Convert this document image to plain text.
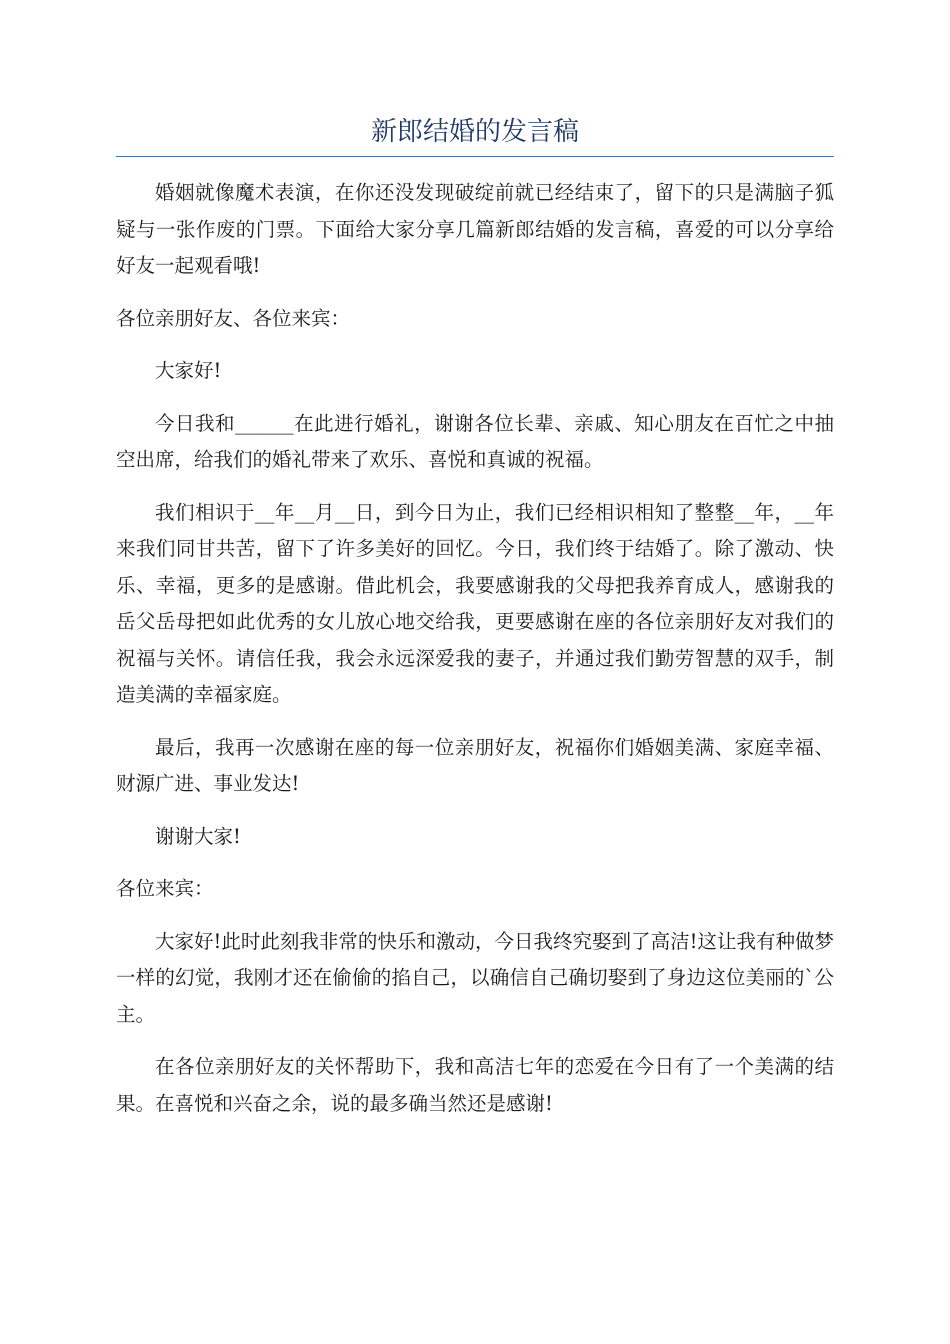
新郎结婚的发言稿

婚姻就像魔术表演，在你还没发现破绽前就已经结束了，留下的只是满脑子狐疑与一张作废的门票。下面给大家分享几篇新郎结婚的发言稿，喜爱的可以分享给好友一起观看哦!

各位亲朋好友、各位来宾：

大家好!

今日我和______在此进行婚礼，谢谢各位长辈、亲戚、知心朋友在百忙之中抽空出席，给我们的婚礼带来了欢乐、喜悦和真诚的祝福。

我们相识于__年__月__日，到今日为止，我们已经相识相知了整整__年，__年来我们同甘共苦，留下了许多美好的回忆。今日，我们终于结婚了。除了激动、快乐、幸福，更多的是感谢。借此机会，我要感谢我的父母把我养育成人，感谢我的岳父岳母把如此优秀的女儿放心地交给我，更要感谢在座的各位亲朋好友对我们的祝福与关怀。请信任我，我会永远深爱我的妻子，并通过我们勤劳智慧的双手，制造美满的幸福家庭。

最后，我再一次感谢在座的每一位亲朋好友，祝福你们婚姻美满、家庭幸福、财源广进、事业发达!

谢谢大家!

各位来宾：

大家好!此时此刻我非常的快乐和激动，今日我终究娶到了高洁!这让我有种做梦一样的幻觉，我刚才还在偷偷的掐自己，以确信自己确切娶到了身边这位美丽的`公主。

在各位亲朋好友的关怀帮助下，我和高洁七年的恋爱在今日有了一个美满的结果。在喜悦和兴奋之余，说的最多确当然还是感谢!
